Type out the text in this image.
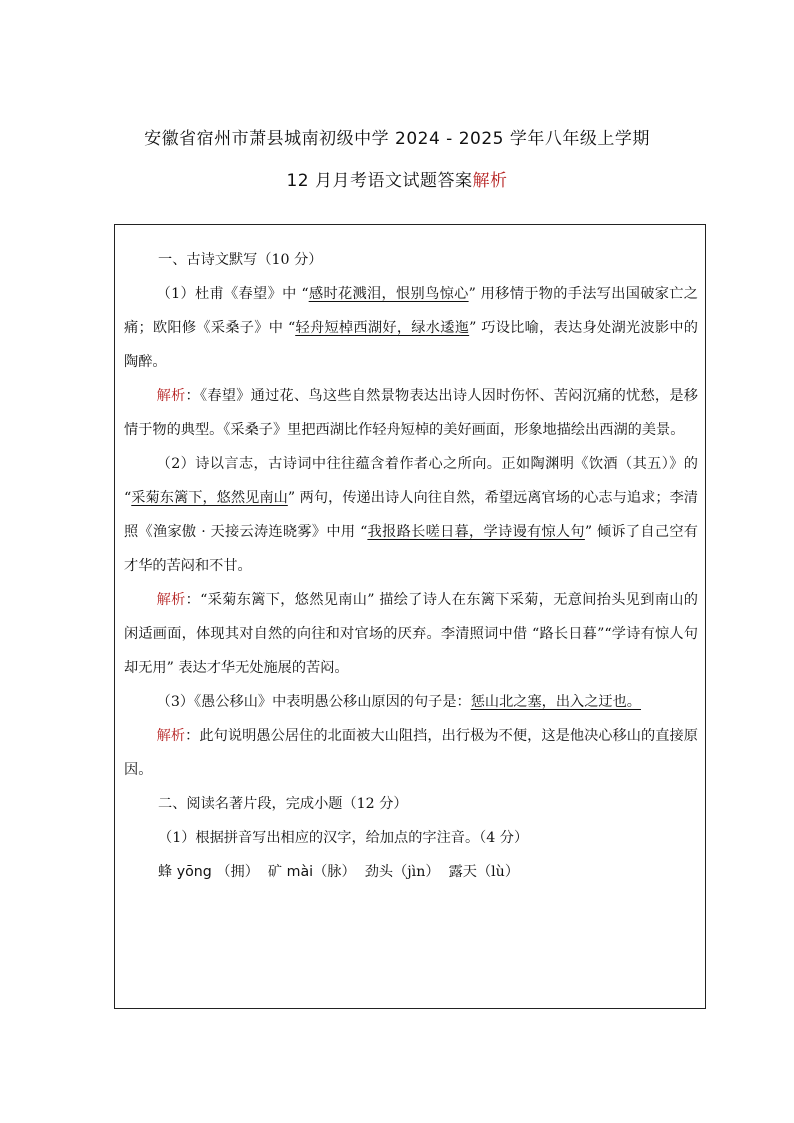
安徽省宿州市萧县城南初级中学 2024 - 2025 学年八年级上学期
12 月月考语文试题答案解析

一、古诗文默写（10 分）

（1）杜甫《春望》中 “感时花溅泪，恨别鸟惊心” 用移情于物的手法写出国破家亡之痛；欧阳修《采桑子》中 “轻舟短棹西湖好，绿水逶迤” 巧设比喻，表达身处湖光波影中的陶醉。

解析：《春望》通过花、鸟这些自然景物表达出诗人因时伤怀、苦闷沉痛的忧愁，是移情于物的典型。《采桑子》里把西湖比作轻舟短棹的美好画面，形象地描绘出西湖的美景。

（2）诗以言志，古诗词中往往蕴含着作者心之所向。正如陶渊明《饮酒（其五）》的 “采菊东篱下，悠然见南山” 两句，传递出诗人向往自然，希望远离官场的心志与追求；李清照《渔家傲 · 天接云涛连晓雾》中用 “我报路长嗟日暮，学诗谩有惊人句” 倾诉了自己空有才华的苦闷和不甘。

解析：“采菊东篱下，悠然见南山” 描绘了诗人在东篱下采菊，无意间抬头见到南山的闲适画面，体现其对自然的向往和对官场的厌弃。李清照词中借 “路长日暮”“学诗有惊人句却无用” 表达才华无处施展的苦闷。

（3）《愚公移山》中表明愚公移山原因的句子是：惩山北之塞，出入之迂也。

解析：此句说明愚公居住的北面被大山阻挡，出行极为不便，这是他决心移山的直接原因。

二、阅读名著片段，完成小题（12 分）

（1）根据拼音写出相应的汉字，给加点的字注音。（4 分）

蜂 yōng （拥） 矿 mài（脉） 劲头（jìn） 露天（lù）
